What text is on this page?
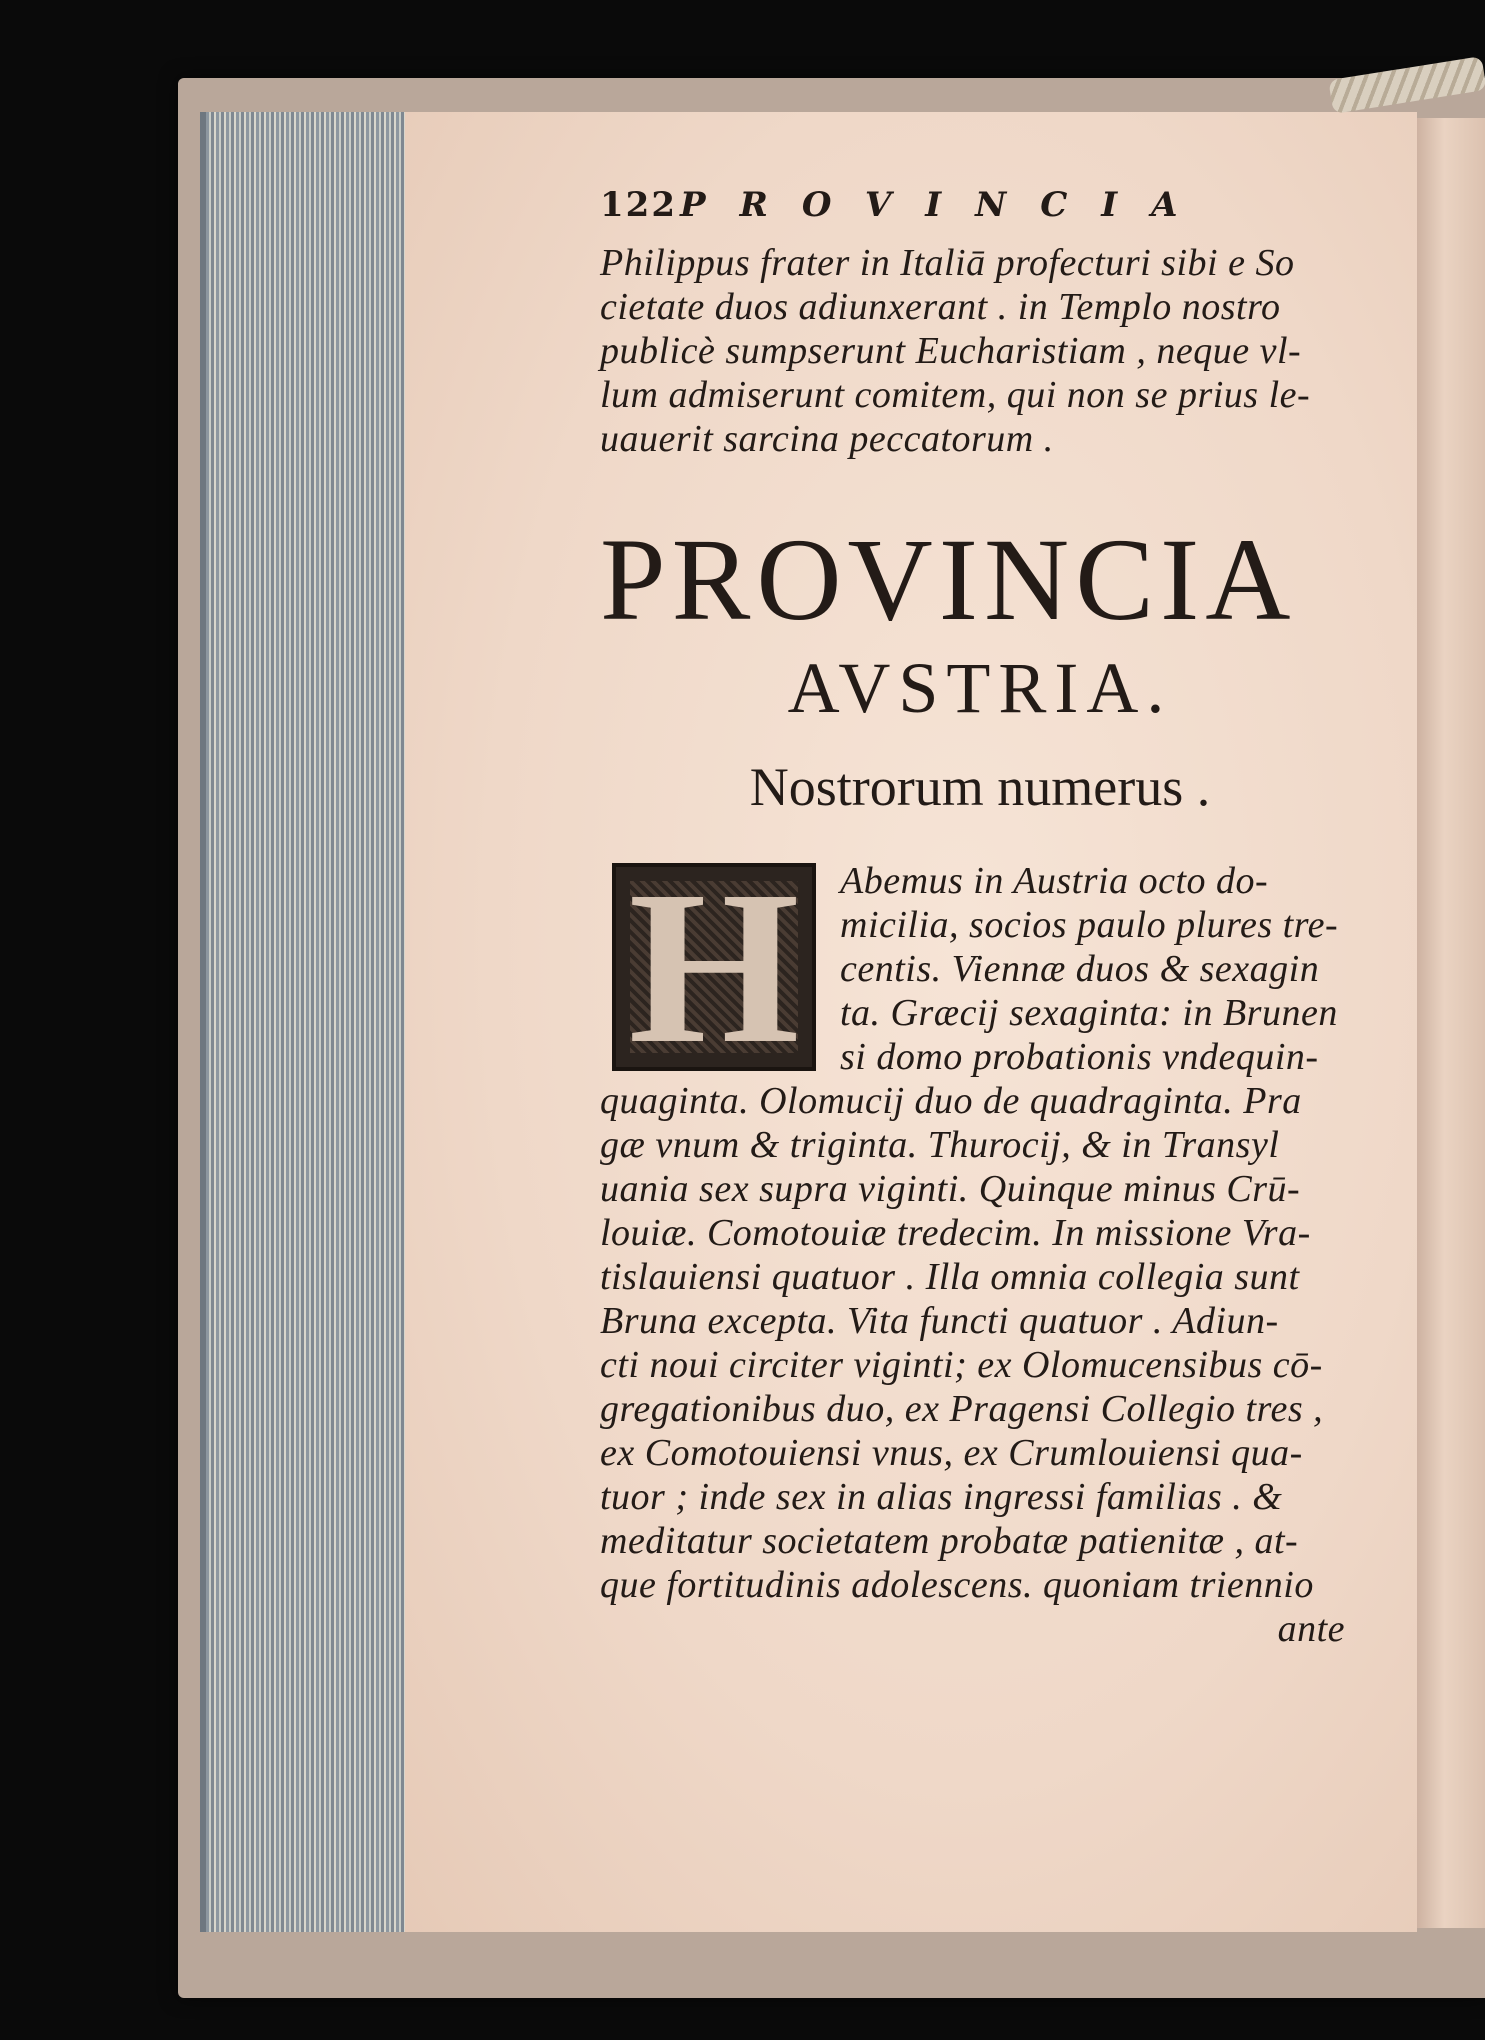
122 PROVINCIA
Philippus frater in Italiā profecturi sibi e So
cietate duos adiunxerant . in Templo nostro
publicè sumpserunt Eucharistiam , neque vl-
lum admiserunt comitem, qui non se prius le-
uauerit sarcina peccatorum .
PROVINCIA
AVSTRIA.
Nostrorum numerus .
H	Abemus in Austria octo do-
micilia, socios paulo plures tre-
centis. Viennæ duos & sexagin
ta. Græcij sexaginta: in Brunen
si domo probationis vndequin-
quaginta. Olomucij duo de quadraginta. Pra
gæ vnum & triginta. Thurocij, & in Transyl
uania sex supra viginti. Quinque minus Crū-
louiæ. Comotouiæ tredecim. In missione Vra-
tislauiensi quatuor . Illa omnia collegia sunt
Bruna excepta. Vita functi quatuor . Adiun-
cti noui circiter viginti; ex Olomucensibus cō-
gregationibus duo, ex Pragensi Collegio tres ,
ex Comotouiensi vnus, ex Crumlouiensi qua-
tuor ; inde sex in alias ingressi familias . &
meditatur societatem probatæ patienitæ , at-
que fortitudinis adolescens. quoniam triennio
ante
